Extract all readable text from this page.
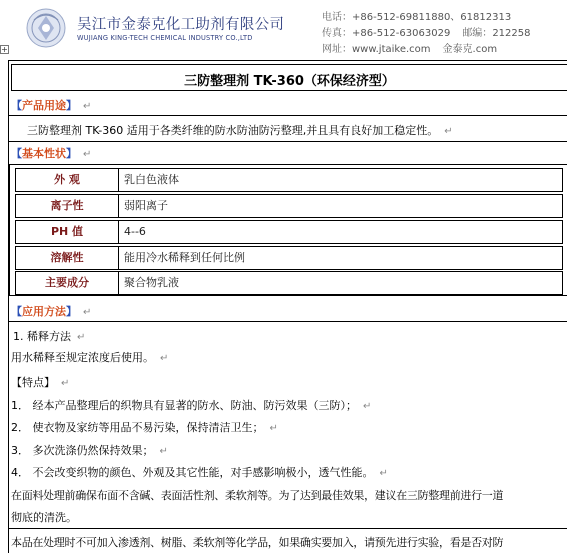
吴江市金泰克化工助剂有限公司
WUJIANG KING-TECH CHEMICAL INDUSTRY CO.,LTD
电话：+86-512-69811880、61812313
传真：+86-512-63063029 邮编：212258
网址：www.jtaike.com 金泰克.com
+
三防整理剂 TK-360（环保经济型）
【产品用途】 ↵
三防整理剂 TK-360 适用于各类纤维的防水防油防污整理,并且具有良好加工稳定性。 ↵
【基本性状】 ↵
外 观	乳白色液体
离子性	弱阳离子
PH 值	4--6
溶解性	能用冷水稀释到任何比例
主要成分	聚合物乳液
【应用方法】 ↵
1. 稀释方法 ↵
用水稀释至规定浓度后使用。 ↵
【特点】 ↵
1． 经本产品整理后的织物具有显著的防水、防油、防污效果（三防）； ↵
2． 使衣物及家纺等用品不易污染，保持清洁卫生； ↵
3． 多次洗涤仍然保持效果； ↵
4． 不会改变织物的颜色、外观及其它性能，对手感影响极小，透气性能。 ↵
在面料处理前确保布面不含碱、表面活性剂、柔软剂等。为了达到最佳效果，建议在三防整理前进行一道
彻底的清洗。
本品在处理时不可加入渗透剂、树脂、柔软剂等化学品，如果确实要加入，请预先进行实验，看是否对防
